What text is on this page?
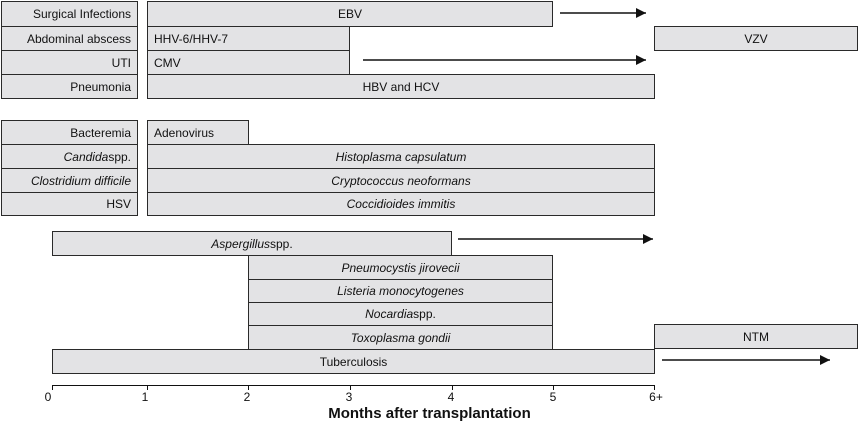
Surgical Infections
Abdominal abscess
UTI
Pneumonia
Bacteremia
Candida spp.
Clostridium difficile
HSV
EBV
HHV-6/HHV-7
CMV
HBV and HCV
VZV
Adenovirus
Histoplasma capsulatum
Cryptococcus neoformans
Coccidioides immitis
Aspergillus spp.
Pneumocystis jirovecii
Listeria monocytogenes
Nocardia spp.
Toxoplasma gondii	NTM
Tuberculosis
0	1	2	3	4	5	6+
Months after transplantation
